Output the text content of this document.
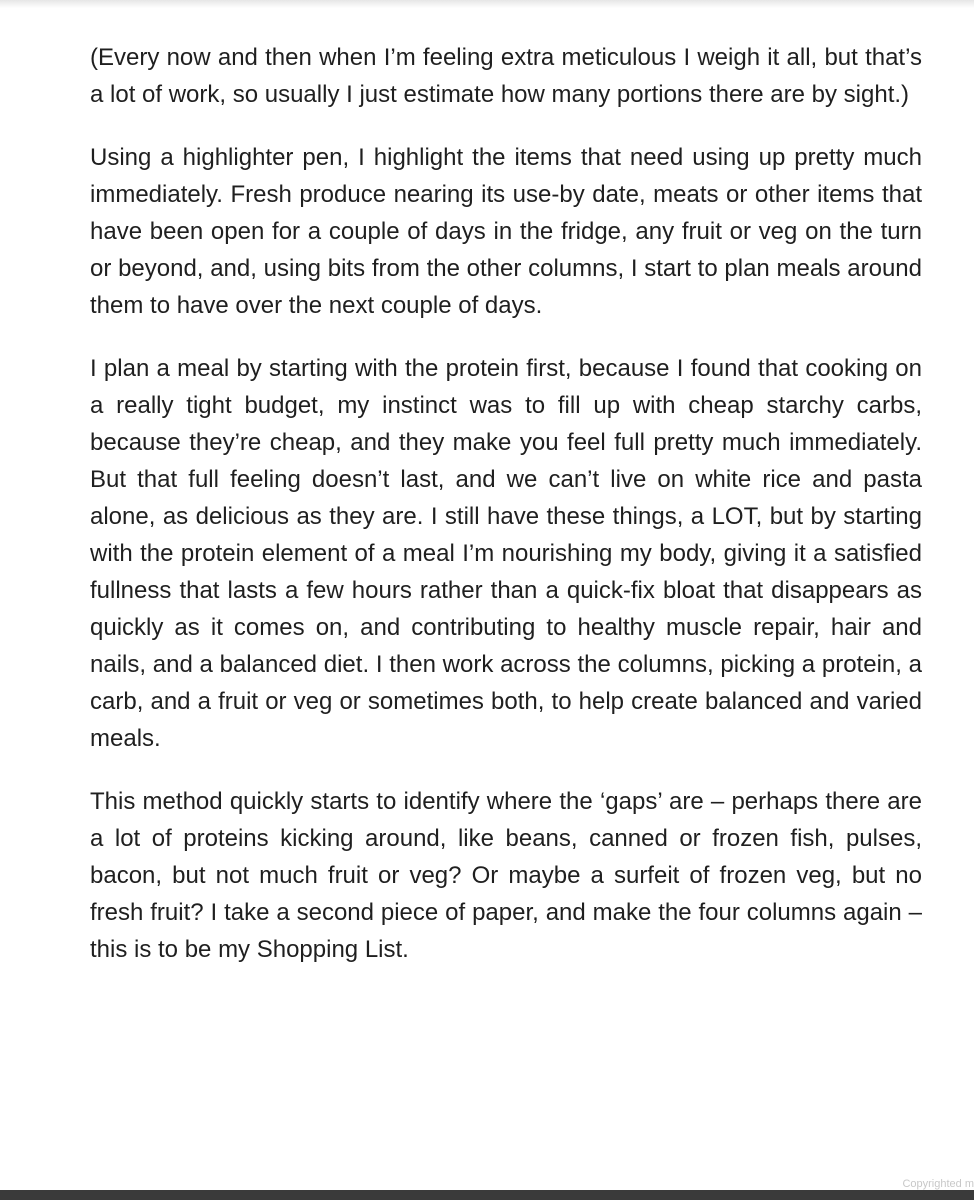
(Every now and then when I’m feeling extra meticulous I weigh it all, but that’s a lot of work, so usually I just estimate how many portions there are by sight.)

Using a highlighter pen, I highlight the items that need using up pretty much immediately. Fresh produce nearing its use-by date, meats or other items that have been open for a couple of days in the fridge, any fruit or veg on the turn or beyond, and, using bits from the other columns, I start to plan meals around them to have over the next couple of days.

I plan a meal by starting with the protein first, because I found that cooking on a really tight budget, my instinct was to fill up with cheap starchy carbs, because they’re cheap, and they make you feel full pretty much immediately. But that full feeling doesn’t last, and we can’t live on white rice and pasta alone, as delicious as they are. I still have these things, a LOT, but by starting with the protein element of a meal I’m nourishing my body, giving it a satisfied fullness that lasts a few hours rather than a quick-fix bloat that disappears as quickly as it comes on, and contributing to healthy muscle repair, hair and nails, and a balanced diet. I then work across the columns, picking a protein, a carb, and a fruit or veg or sometimes both, to help create balanced and varied meals.

This method quickly starts to identify where the ‘gaps’ are – perhaps there are a lot of proteins kicking around, like beans, canned or frozen fish, pulses, bacon, but not much fruit or veg? Or maybe a surfeit of frozen veg, but no fresh fruit? I take a second piece of paper, and make the four columns again – this is to be my Shopping List.

Copyrighted m
